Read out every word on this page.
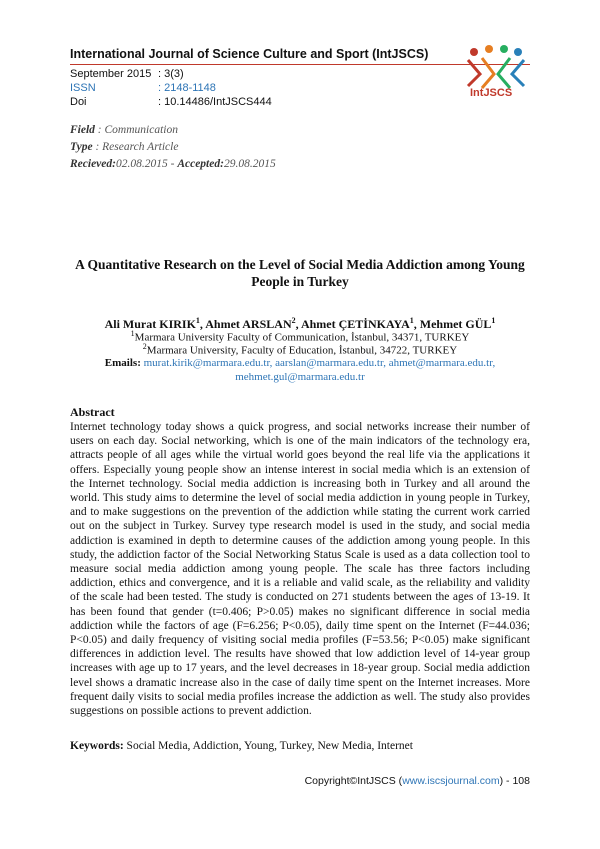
International Journal of Science Culture and Sport (IntJSCS)
September 2015 : 3(3)
ISSN	: 2148-1148
Doi	: 10.14486/IntJSCS444
IntJSCS
Field : Communication
Type : Research Article
Recieved:02.08.2015 - Accepted:29.08.2015
A Quantitative Research on the Level of Social Media Addiction among Young People in Turkey
Ali Murat KIRIK$^1$, Ahmet ARSLAN$^2$, Ahmet ÇETİNKAYA$^1$, Mehmet GÜL$^1$
$^1$Marmara University Faculty of Communication, İstanbul, 34371, TURKEY
$^2$Marmara University, Faculty of Education, İstanbul, 34722, TURKEY
Emails: murat.kirik@marmara.edu.tr, aarslan@marmara.edu.tr, ahmet@marmara.edu.tr,
mehmet.gul@marmara.edu.tr
Abstract
Internet technology today shows a quick progress, and social networks increase their number of users on each day. Social networking, which is one of the main indicators of the technology era, attracts people of all ages while the virtual world goes beyond the real life via the applications it offers. Especially young people show an intense interest in social media which is an extension of the Internet technology. Social media addiction is increasing both in Turkey and all around the world. This study aims to determine the level of social media addiction in young people in Turkey, and to make suggestions on the prevention of the addiction while stating the current work carried out on the subject in Turkey. Survey type research model is used in the study, and social media addiction is examined in depth to determine causes of the addiction among young people. In this study, the addiction factor of the Social Networking Status Scale is used as a data collection tool to measure social media addiction among young people. The scale has three factors including addiction, ethics and convergence, and it is a reliable and valid scale, as the reliability and validity of the scale had been tested. The study is conducted on 271 students between the ages of 13-19. It has been found that gender (t=0.406; P>0.05) makes no significant difference in social media addiction while the factors of age (F=6.256; P<0.05), daily time spent on the Internet (F=44.036; P<0.05) and daily frequency of visiting social media profiles (F=53.56; P<0.05) make significant differences in addiction level. The results have showed that low addiction level of 14-year group increases with age up to 17 years, and the level decreases in 18-year group. Social media addiction level shows a dramatic increase also in the case of daily time spent on the Internet increases. More frequent daily visits to social media profiles increase the addiction as well. The study also provides suggestions on possible actions to prevent addiction.
Keywords: Social Media, Addiction, Young, Turkey, New Media, Internet
Copyright©IntJSCS (www.iscsjournal.com) - 108
